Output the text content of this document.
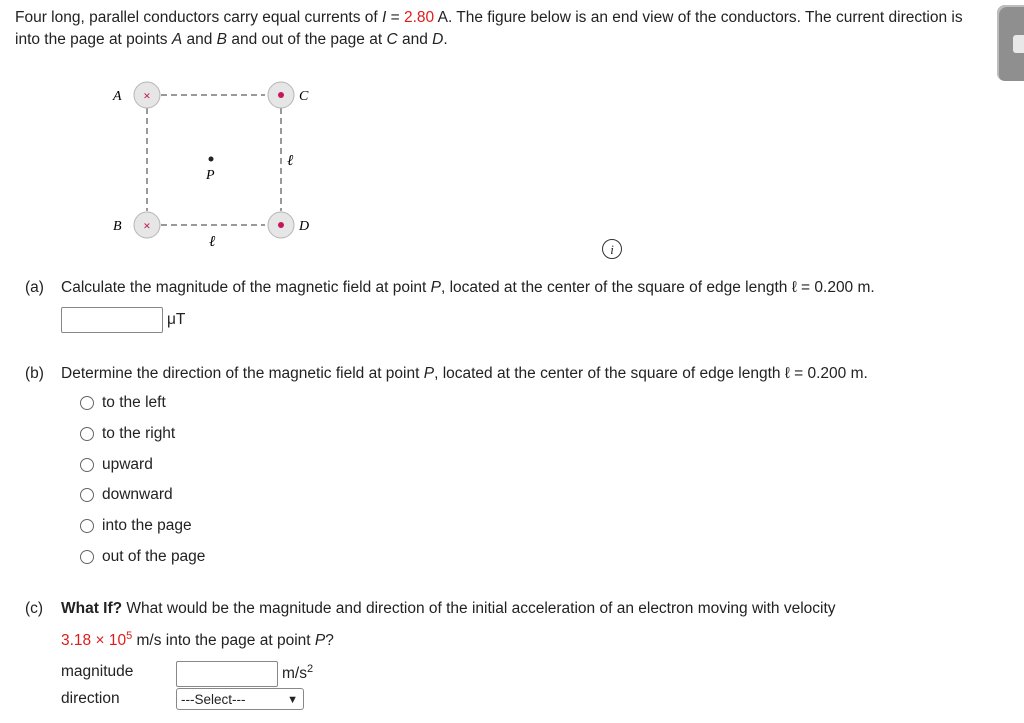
Four long, parallel conductors carry equal currents of I = 2.80 A. The figure below is an end view of the conductors. The current direction is into the page at points A and B and out of the page at C and D.
×
×
A
B
C
D
P
ℓ
ℓ	i
(a) Calculate the magnitude of the magnetic field at point P, located at the center of the square of edge length ℓ = 0.200 m.
μT
(b) Determine the direction of the magnetic field at point P, located at the center of the square of edge length ℓ = 0.200 m.
to the left
to the right
upward
downward
into the page
out of the page
(c) What If? What would be the magnitude and direction of the initial acceleration of an electron moving with velocity
$3.18 \times 10^5$ m/s into the page at point P?
magnitude	$m/s^2$
direction	---Select---	▼
